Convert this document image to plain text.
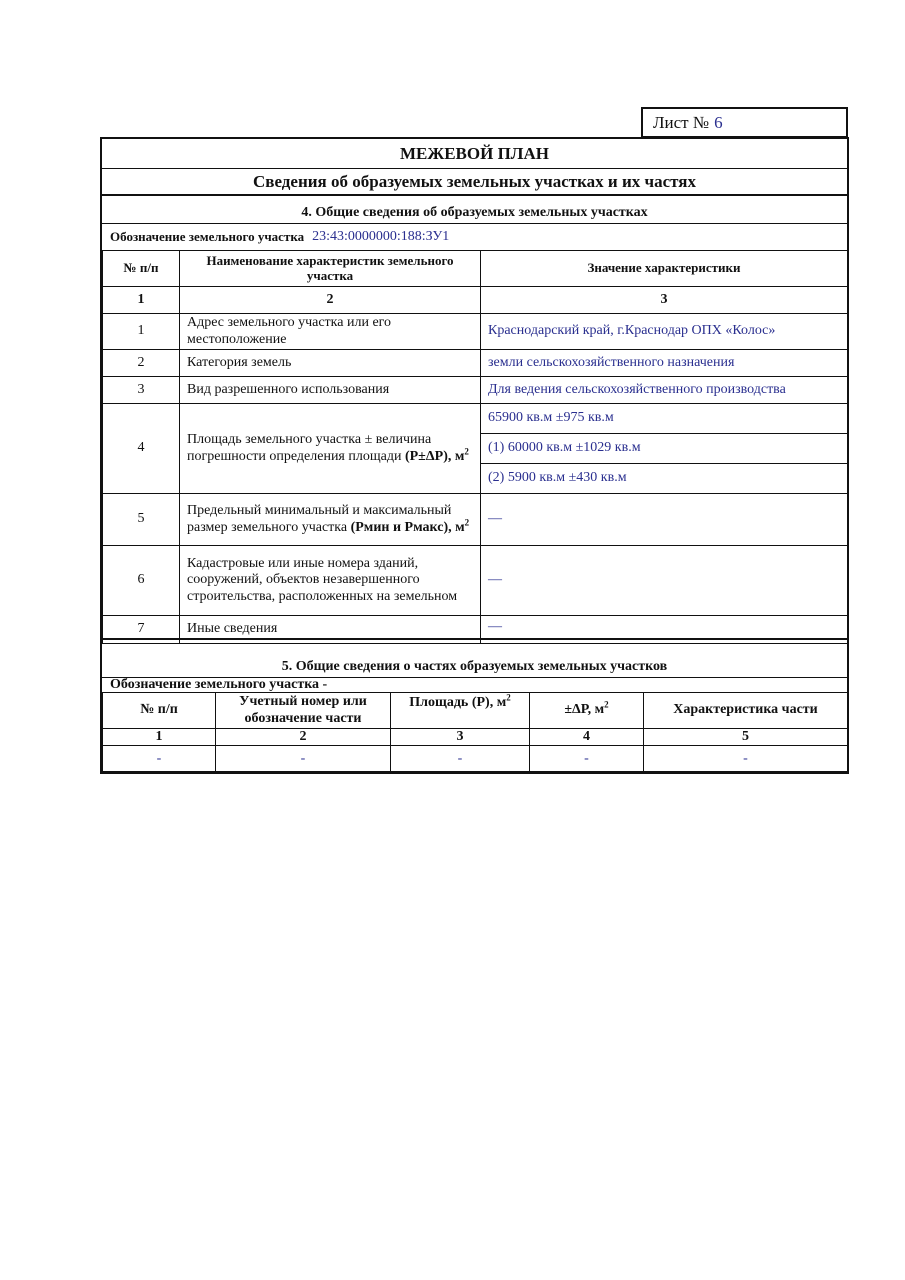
Лист № 6
МЕЖЕВОЙ ПЛАН
Сведения об образуемых земельных участках и их частях
4. Общие сведения об образуемых земельных участках
Обозначение земельного участка 23:43:0000000:188:ЗУ1
№ п/п	Наименование характеристик земельного участка	Значение характеристики
1	2	3
1	Адрес земельного участка или его местоположение	Краснодарский край, г.Краснодар ОПХ «Колос»
2	Категория земель	земли сельскохозяйственного назначения
3	Вид разрешенного использования	Для ведения сельскохозяйственного производства
4	Площадь земельного участка ± величина погрешности определения площади (P±ΔP), $м^2$	65900 кв.м ±975 кв.м
(1) 60000 кв.м ±1029 кв.м
(2) 5900 кв.м ±430 кв.м

5	Предельный минимальный и максимальный размер земельного участка (Рмин и Рмакс), $м^2$	—
6	Кадастровые или иные номера зданий, сооружений, объектов незавершенного строительства, расположенных на земельном	—
7	Иные сведения	—
5. Общие сведения о частях образуемых земельных участков
Обозначение земельного участка -
№ п/п	Учетный номер или обозначение части	Площадь (Р), $м^2$	±ΔР, $м^2$	Характеристика части
1	2	3	4	5
-	-	-	-	-
